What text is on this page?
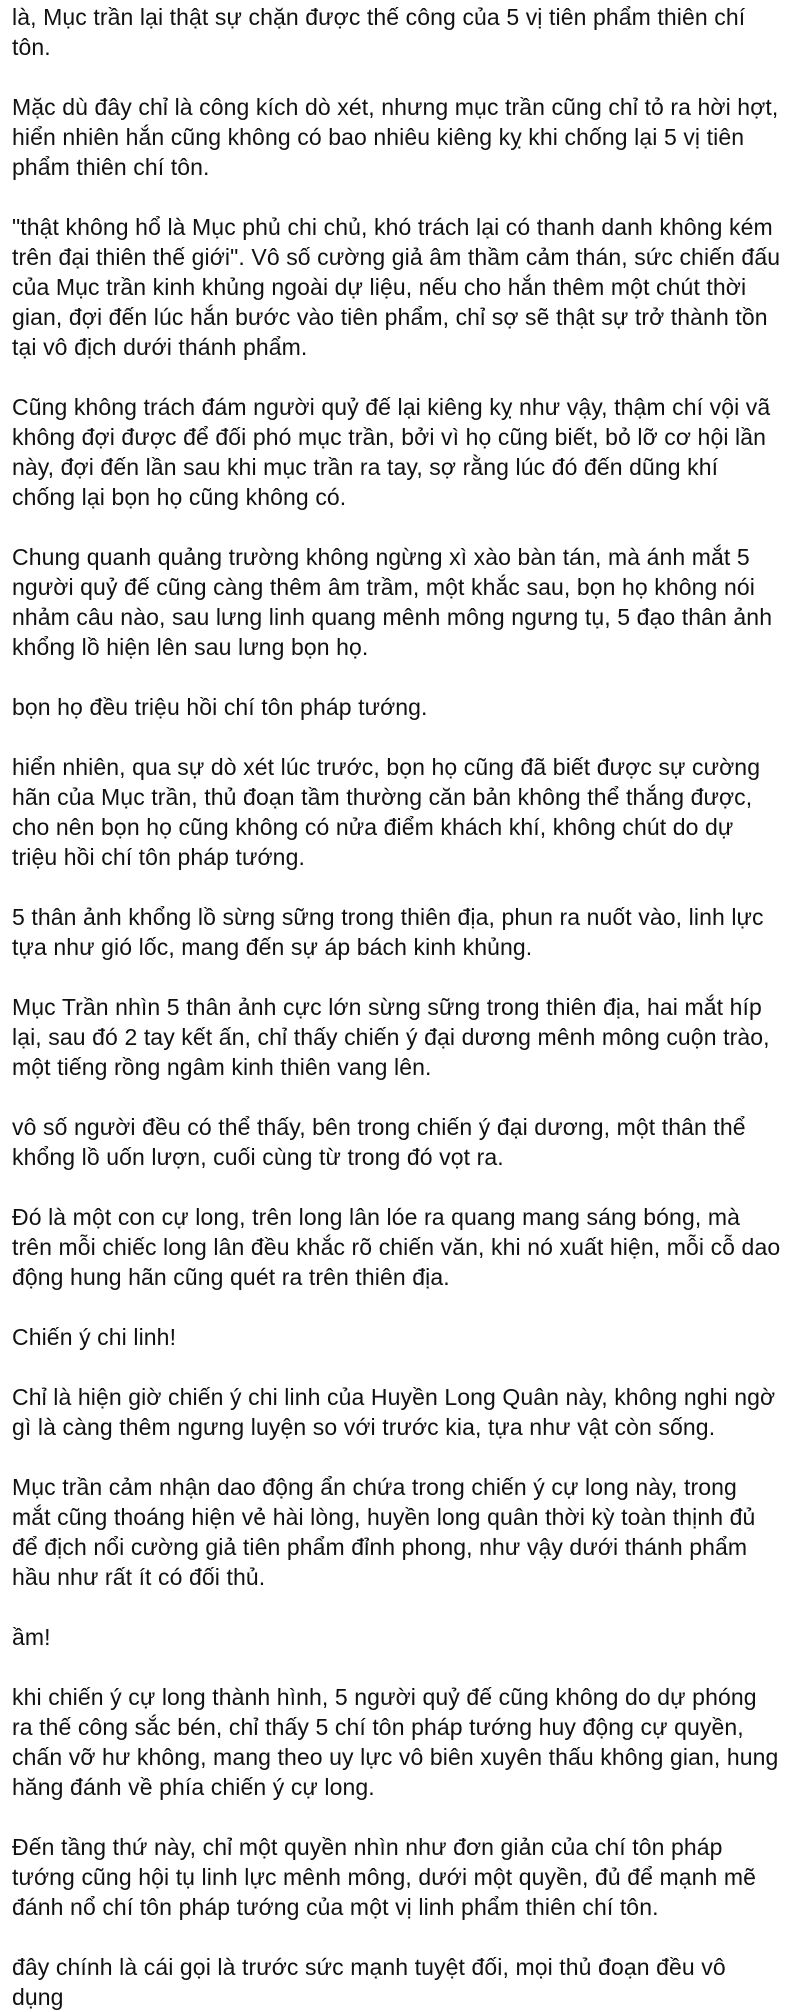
là, Mục trần lại thật sự chặn được thế công của 5 vị tiên phẩm thiên chí tôn.

Mặc dù đây chỉ là công kích dò xét, nhưng mục trần cũng chỉ tỏ ra hời hợt, hiển nhiên hắn cũng không có bao nhiêu kiêng kỵ khi chống lại 5 vị tiên phẩm thiên chí tôn.

"thật không hổ là Mục phủ chi chủ, khó trách lại có thanh danh không kém trên đại thiên thế giới". Vô số cường giả âm thầm cảm thán, sức chiến đấu của Mục trần kinh khủng ngoài dự liệu, nếu cho hắn thêm một chút thời gian, đợi đến lúc hắn bước vào tiên phẩm, chỉ sợ sẽ thật sự trở thành tồn tại vô địch dưới thánh phẩm.

Cũng không trách đám người quỷ đế lại kiêng kỵ như vậy, thậm chí vội vã không đợi được để đối phó mục trần, bởi vì họ cũng biết, bỏ lỡ cơ hội lần này, đợi đến lần sau khi mục trần ra tay, sợ rằng lúc đó đến dũng khí chống lại bọn họ cũng không có.

Chung quanh quảng trường không ngừng xì xào bàn tán, mà ánh mắt 5 người quỷ đế cũng càng thêm âm trầm, một khắc sau, bọn họ không nói nhảm câu nào, sau lưng linh quang mênh mông ngưng tụ, 5 đạo thân ảnh khổng lồ hiện lên sau lưng bọn họ.

bọn họ đều triệu hồi chí tôn pháp tướng.

hiển nhiên, qua sự dò xét lúc trước, bọn họ cũng đã biết được sự cường hãn của Mục trần, thủ đoạn tầm thường căn bản không thể thắng được, cho nên bọn họ cũng không có nửa điểm khách khí, không chút do dự triệu hồi chí tôn pháp tướng.

5 thân ảnh khổng lồ sừng sững trong thiên địa, phun ra nuốt vào, linh lực tựa như gió lốc, mang đến sự áp bách kinh khủng.

Mục Trần nhìn 5 thân ảnh cực lớn sừng sững trong thiên địa, hai mắt híp lại, sau đó 2 tay kết ấn, chỉ thấy chiến ý đại dương mênh mông cuộn trào, một tiếng rồng ngâm kinh thiên vang lên.

vô số người đều có thể thấy, bên trong chiến ý đại dương, một thân thể khổng lồ uốn lượn, cuối cùng từ trong đó vọt ra.

Đó là một con cự long, trên long lân lóe ra quang mang sáng bóng, mà trên mỗi chiếc long lân đều khắc rõ chiến văn, khi nó xuất hiện, mỗi cỗ dao động hung hãn cũng quét ra trên thiên địa.

Chiến ý chi linh!

Chỉ là hiện giờ chiến ý chi linh của Huyền Long Quân này, không nghi ngờ gì là càng thêm ngưng luyện so với trước kia, tựa như vật còn sống.

Mục trần cảm nhận dao động ẩn chứa trong chiến ý cự long này, trong mắt cũng thoáng hiện vẻ hài lòng, huyền long quân thời kỳ toàn thịnh đủ để địch nổi cường giả tiên phẩm đỉnh phong, như vậy dưới thánh phẩm hầu như rất ít có đối thủ.

ầm!

khi chiến ý cự long thành hình, 5 người quỷ đế cũng không do dự phóng ra thế công sắc bén, chỉ thấy 5 chí tôn pháp tướng huy động cự quyền, chấn vỡ hư không, mang theo uy lực vô biên xuyên thấu không gian, hung hăng đánh về phía chiến ý cự long.

Đến tầng thứ này, chỉ một quyền nhìn như đơn giản của chí tôn pháp tướng cũng hội tụ linh lực mênh mông, dưới một quyền, đủ để mạnh mẽ đánh nổ chí tôn pháp tướng của một vị linh phẩm thiên chí tôn.

đây chính là cái gọi là trước sức mạnh tuyệt đối, mọi thủ đoạn đều vô dụng
